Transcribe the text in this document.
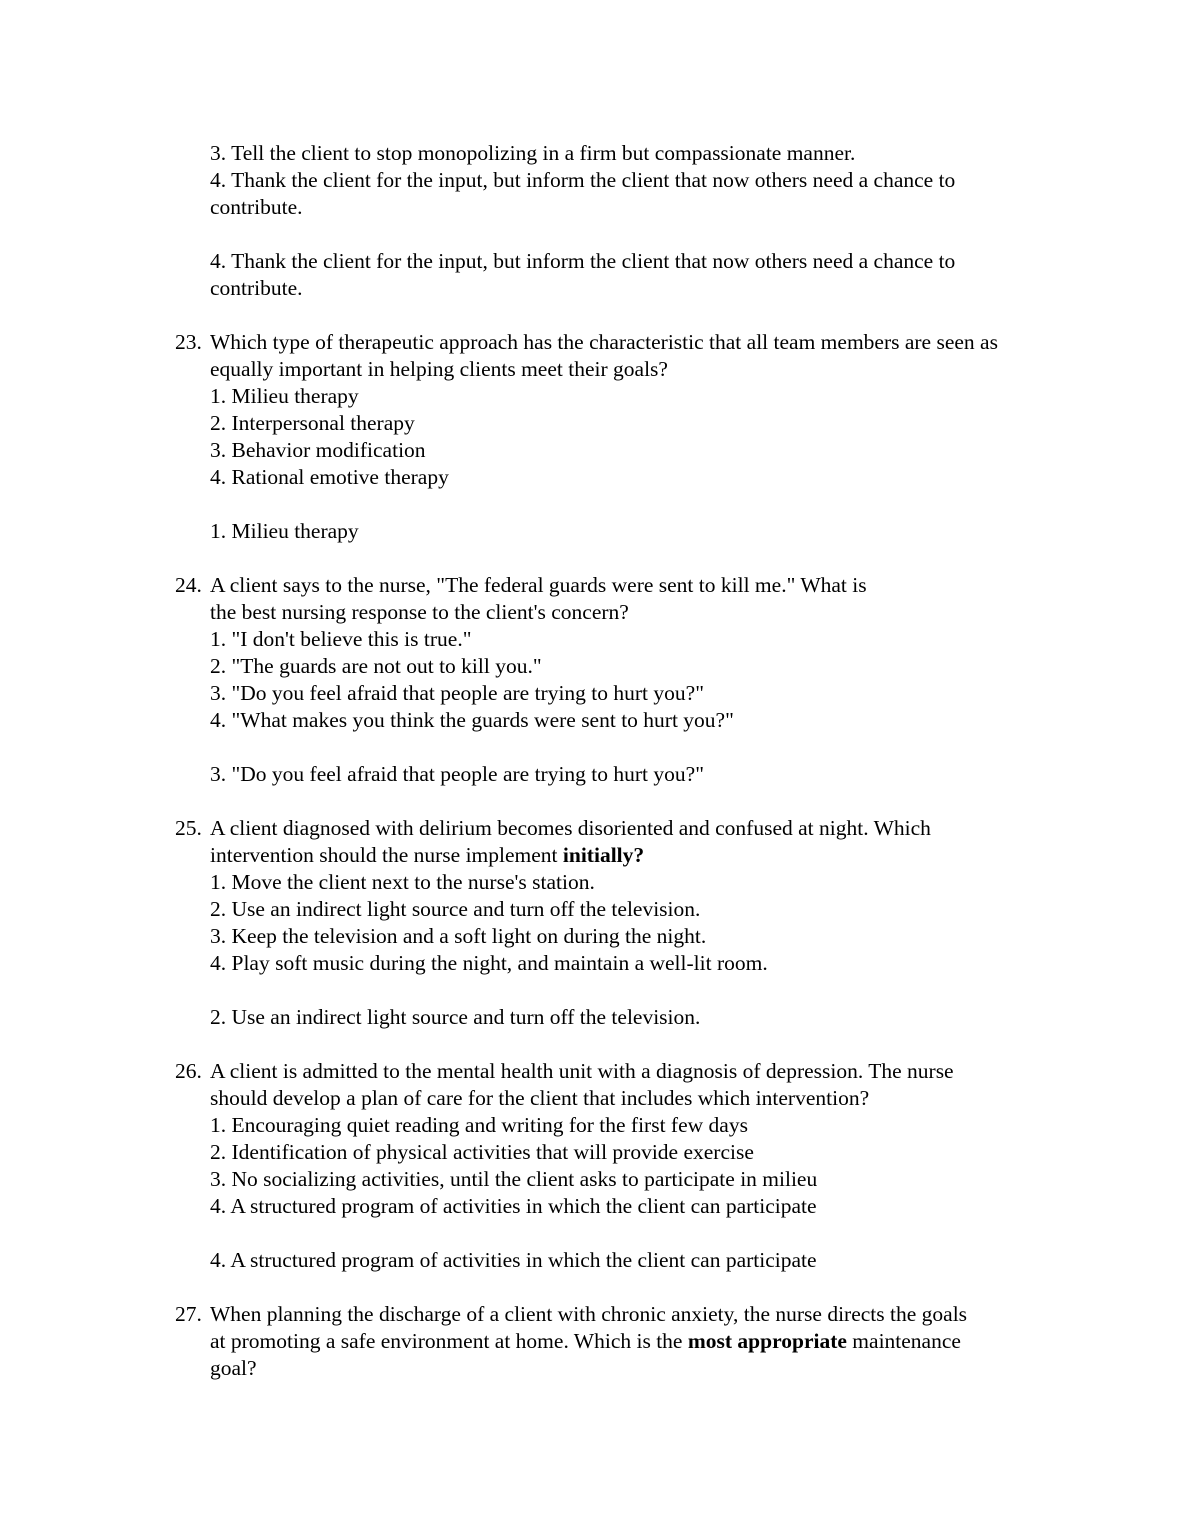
3. Tell the client to stop monopolizing in a firm but compassionate manner.
4. Thank the client for the input, but inform the client that now others need a chance to contribute.
4. Thank the client for the input, but inform the client that now others need a chance to contribute.
23. Which type of therapeutic approach has the characteristic that all team members are seen as equally important in helping clients meet their goals?
1. Milieu therapy
2. Interpersonal therapy
3. Behavior modification
4. Rational emotive therapy
1. Milieu therapy
24. A client says to the nurse, "The federal guards were sent to kill me." What is
the best nursing response to the client's concern?
1. "I don't believe this is true."
2. "The guards are not out to kill you."
3. "Do you feel afraid that people are trying to hurt you?"
4. "What makes you think the guards were sent to hurt you?"
3. "Do you feel afraid that people are trying to hurt you?"
25. A client diagnosed with delirium becomes disoriented and confused at night. Which
intervention should the nurse implement initially?
1. Move the client next to the nurse's station.
2. Use an indirect light source and turn off the television.
3. Keep the television and a soft light on during the night.
4. Play soft music during the night, and maintain a well-lit room.
2. Use an indirect light source and turn off the television.
26. A client is admitted to the mental health unit with a diagnosis of depression. The nurse
should develop a plan of care for the client that includes which intervention?
1. Encouraging quiet reading and writing for the first few days
2. Identification of physical activities that will provide exercise
3. No socializing activities, until the client asks to participate in milieu
4. A structured program of activities in which the client can participate
4. A structured program of activities in which the client can participate
27. When planning the discharge of a client with chronic anxiety, the nurse directs the goals
at promoting a safe environment at home. Which is the most appropriate maintenance
goal?
